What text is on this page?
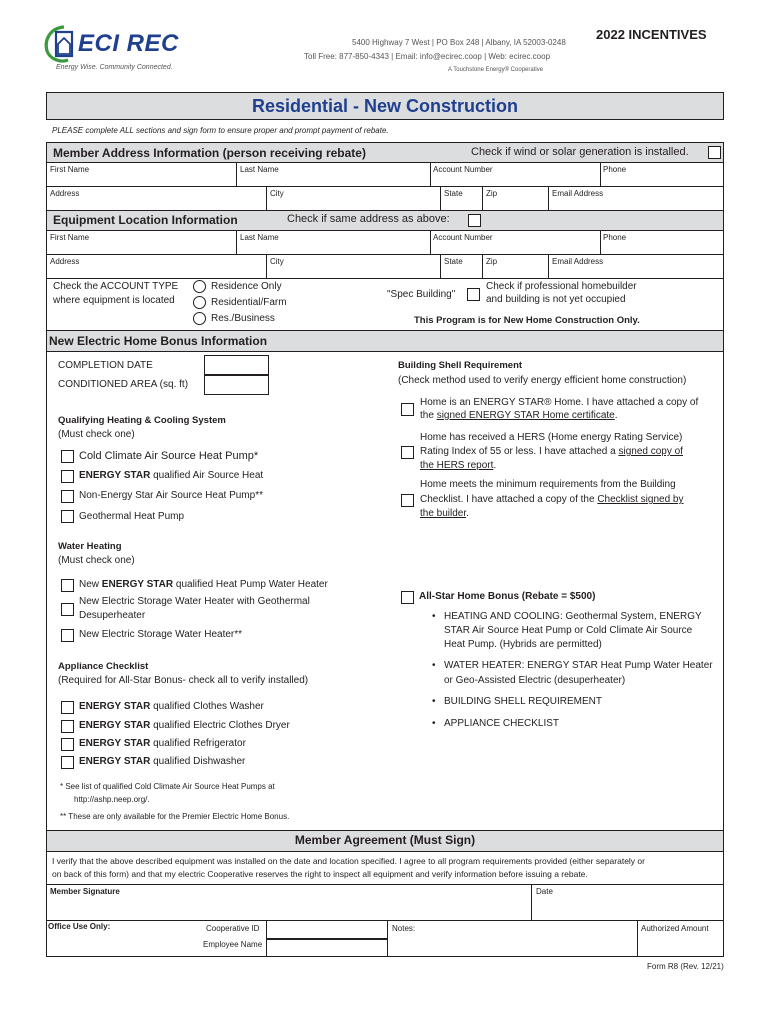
ECI REC
Energy Wise. Community Connected.
5400 Highway 7 West | PO Box 248 | Albany, IA 52003-0248
Toll Free: 877-850-4343 | Email: info@ecirec.coop | Web: ecirec.coop
A Touchstone Energy® Cooperative
2022 INCENTIVES
Residential - New Construction
PLEASE complete ALL sections and sign form to ensure proper and prompt payment of rebate.
Member Address Information (person receiving rebate)	Check if wind or solar generation is installed.
First Name	Last Name	Account Number	Phone
Address	City	State	Zip	Email Address
Equipment Location Information	Check if same address as above:
First Name	Last Name	Account Number	Phone
Address	City	State	Zip	Email Address
Check the ACCOUNT TYPE
where equipment is located
Residence Only
Residential/Farm
Res./Business
"Spec Building"
Check if professional homebuilder
and building is not yet occupied
This Program is for New Home Construction Only.
New Electric Home Bonus Information
COMPLETION DATE
CONDITIONED AREA (sq. ft)
Qualifying Heating & Cooling System
(Must check one)
Cold Climate Air Source Heat Pump*
ENERGY STAR qualified Air Source Heat
Non-Energy Star Air Source Heat Pump**
Geothermal Heat Pump
Water Heating
(Must check one)
New ENERGY STAR qualified Heat Pump Water Heater
New Electric Storage Water Heater with Geothermal
Desuperheater
New Electric Storage Water Heater**
Appliance Checklist
(Required for All-Star Bonus- check all to verify installed)
ENERGY STAR qualified Clothes Washer
ENERGY STAR qualified Electric Clothes Dryer
ENERGY STAR qualified Refrigerator
ENERGY STAR qualified Dishwasher
* See list of qualified Cold Climate Air Source Heat Pumps at
http://ashp.neep.org/.
** These are only available for the Premier Electric Home Bonus.
Building Shell Requirement
(Check method used to verify energy efficient home construction)
Home is an ENERGY STAR® Home. I have attached a copy of
the signed ENERGY STAR Home certificate.
Home has received a HERS (Home energy Rating Service)
Rating Index of 55 or less. I have attached a signed copy of
the HERS report.
Home meets the minimum requirements from the Building
Checklist. I have attached a copy of the Checklist signed by
the builder.
All-Star Home Bonus (Rebate = $500)
• HEATING AND COOLING: Geothermal System, ENERGY
STAR Air Source Heat Pump or Cold Climate Air Source
Heat Pump. (Hybrids are permitted)
• WATER HEATER: ENERGY STAR Heat Pump Water Heater
or Geo-Assisted Electric (desuperheater)
• BUILDING SHELL REQUIREMENT
• APPLIANCE CHECKLIST
Member Agreement (Must Sign)
I verify that the above described equipment was installed on the date and location specified. I agree to all program requirements provided (either separately or
on back of this form) and that my electric Cooperative reserves the right to inspect all equipment and verify information before issuing a rebate.
Member Signature	Date
Office Use Only:	Cooperative ID
Employee Name
Notes:	Authorized Amount
Form R8 (Rev. 12/21)
